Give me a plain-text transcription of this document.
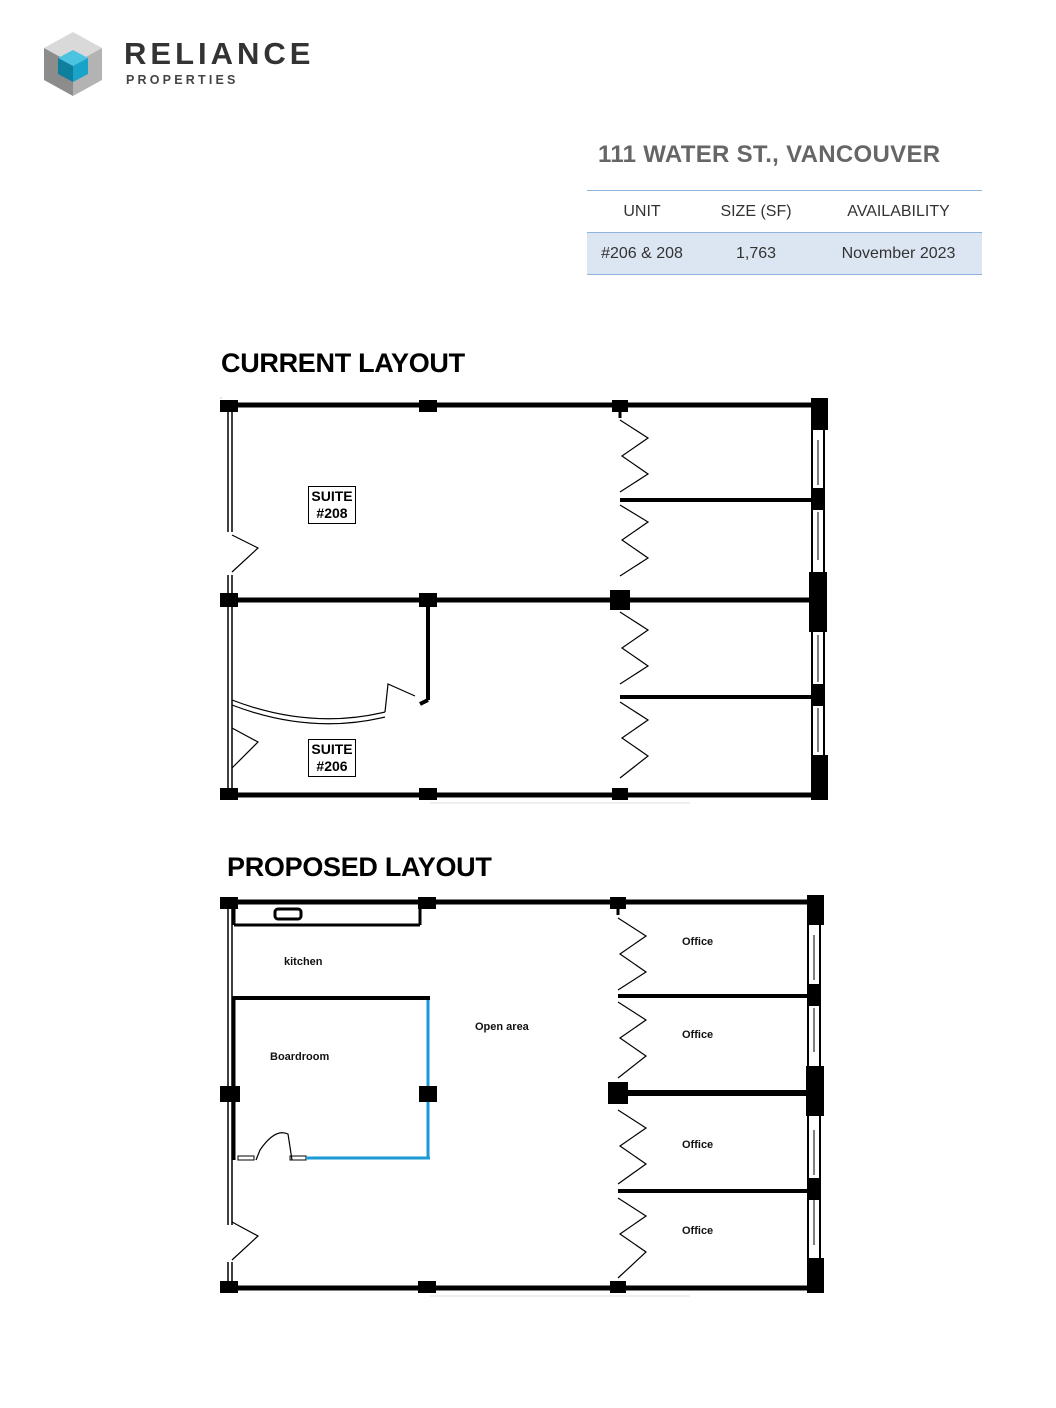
RELIANCE
PROPERTIES
111 WATER ST., VANCOUVER
UNIT	SIZE (SF)	AVAILABILITY
#206 & 208	1,763	November 2023
CURRENT LAYOUT
PROPOSED LAYOUT
SUITE
#208
SUITE
#206
kitchen
Boardroom
Open area
Office
Office
Office
Office
